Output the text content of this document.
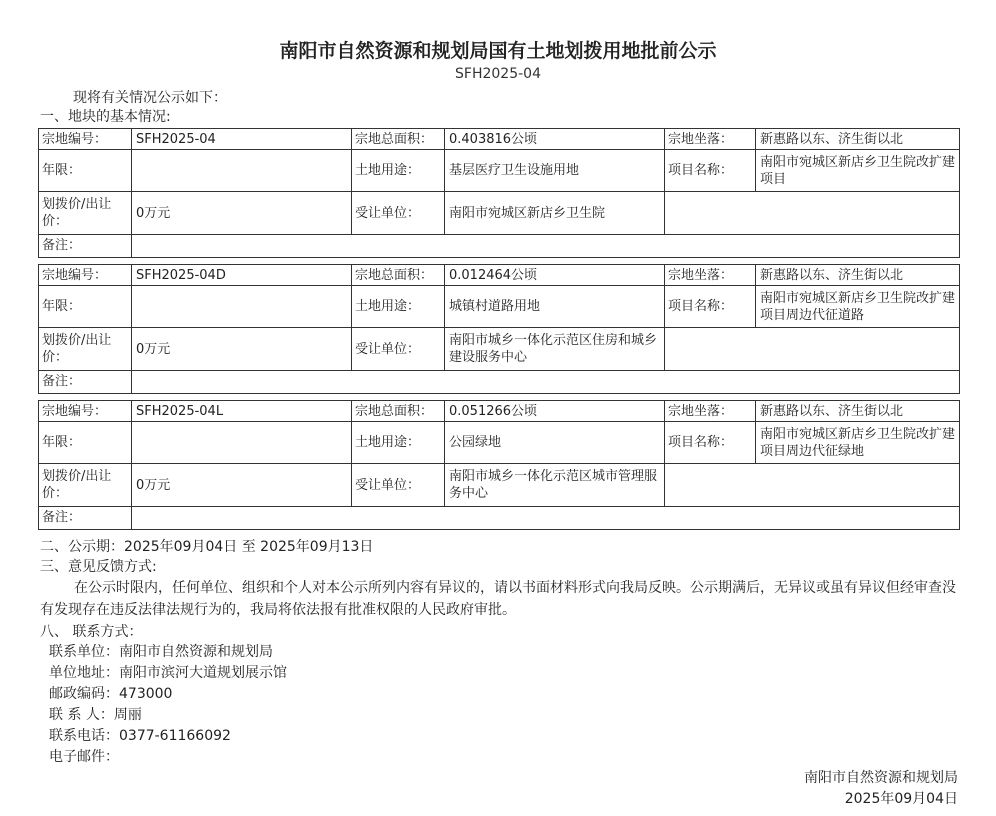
南阳市自然资源和规划局国有土地划拨用地批前公示
SFH2025-04
现将有关情况公示如下：
一、地块的基本情况:
宗地编号：	SFH2025-04	宗地总面积：	0.403816公顷	宗地坐落：	新惠路以东、济生街以北
年限：		土地用途：	基层医疗卫生设施用地	项目名称：	南阳市宛城区新店乡卫生院改扩建项目
划拨价/出让价：	0万元	受让单位：	南阳市宛城区新店乡卫生院		
备注：					
宗地编号：	SFH2025-04D	宗地总面积：	0.012464公顷	宗地坐落：	新惠路以东、济生街以北
年限：		土地用途：	城镇村道路用地	项目名称：	南阳市宛城区新店乡卫生院改扩建项目周边代征道路
划拨价/出让价：	0万元	受让单位：	南阳市城乡一体化示范区住房和城乡建设服务中心		
备注：					
宗地编号：	SFH2025-04L	宗地总面积：	0.051266公顷	宗地坐落：	新惠路以东、济生街以北
年限：		土地用途：	公园绿地	项目名称：	南阳市宛城区新店乡卫生院改扩建项目周边代征绿地
划拨价/出让价：	0万元	受让单位：	南阳市城乡一体化示范区城市管理服务中心		
备注：					
二、公示期：2025年09月04日 至 2025年09月13日
三、意见反馈方式:
在公示时限内，任何单位、组织和个人对本公示所列内容有异议的，请以书面材料形式向我局反映。公示期满后，无异议或虽有异议但经审查没有发现存在违反法律法规行为的，我局将依法报有批准权限的人民政府审批。
八、 联系方式：
联系单位：南阳市自然资源和规划局
单位地址：南阳市滨河大道规划展示馆
邮政编码：473000
联 系 人：周丽
联系电话：0377-61166092
电子邮件：
南阳市自然资源和规划局
2025年09月04日
